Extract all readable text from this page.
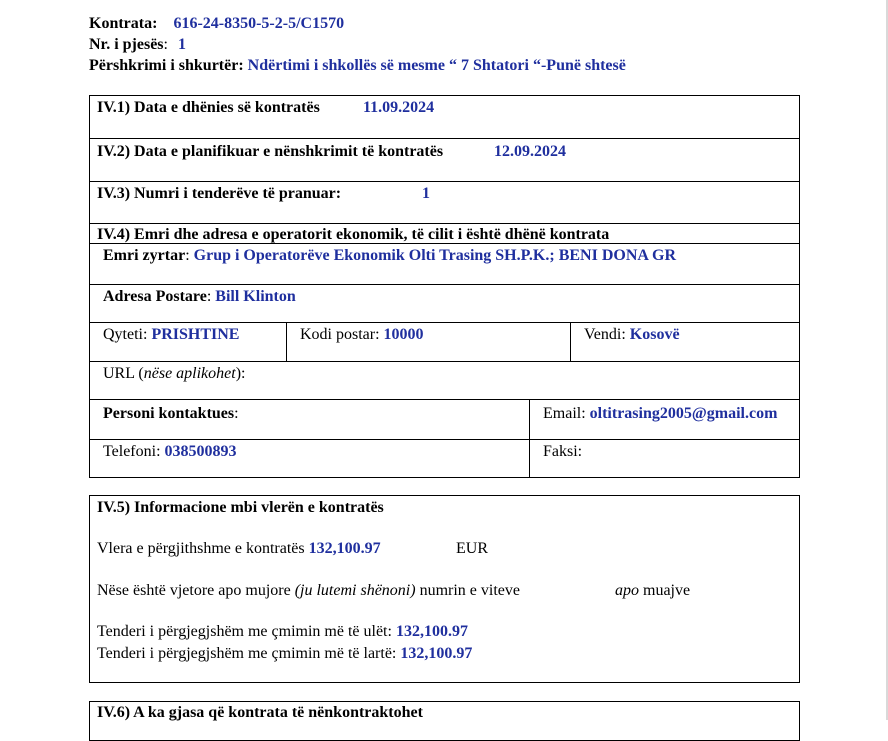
Kontrata: 616-24-8350-5-2-5/C1570
Nr. i pjesës: 1
Përshkrimi i shkurtër: Ndërtimi i shkollës së mesme “ 7 Shtatori “-Punë shtesë
IV.1) Data e dhënies së kontratës	11.09.2024
IV.2) Data e planifikuar e nënshkrimit të kontratës	12.09.2024
IV.3) Numri i tenderëve të pranuar:	1
IV.4) Emri dhe adresa e operatorit ekonomik, të cilit i është dhënë kontrata
Emri zyrtar: Grup i Operatorëve Ekonomik Olti Trasing SH.P.K.; BENI DONA GR
Adresa Postare: Bill Klinton
Qyteti: PRISHTINE	Kodi postar: 10000	Vendi: Kosovë
URL (nëse aplikohet):
Personi kontaktues:	Email: oltitrasing2005@gmail.com
Telefoni: 038500893	Faksi:
IV.5) Informacione mbi vlerën e kontratës
Vlera e përgjithshme e kontratës 132,100.97	EUR
Nëse është vjetore apo mujore (ju lutemi shënoni) numrin e viteve	apo muajve
Tenderi i përgjegjshëm me çmimin më të ulët: 132,100.97
Tenderi i përgjegjshëm me çmimin më të lartë: 132,100.97
IV.6) A ka gjasa që kontrata të nënkontraktohet
